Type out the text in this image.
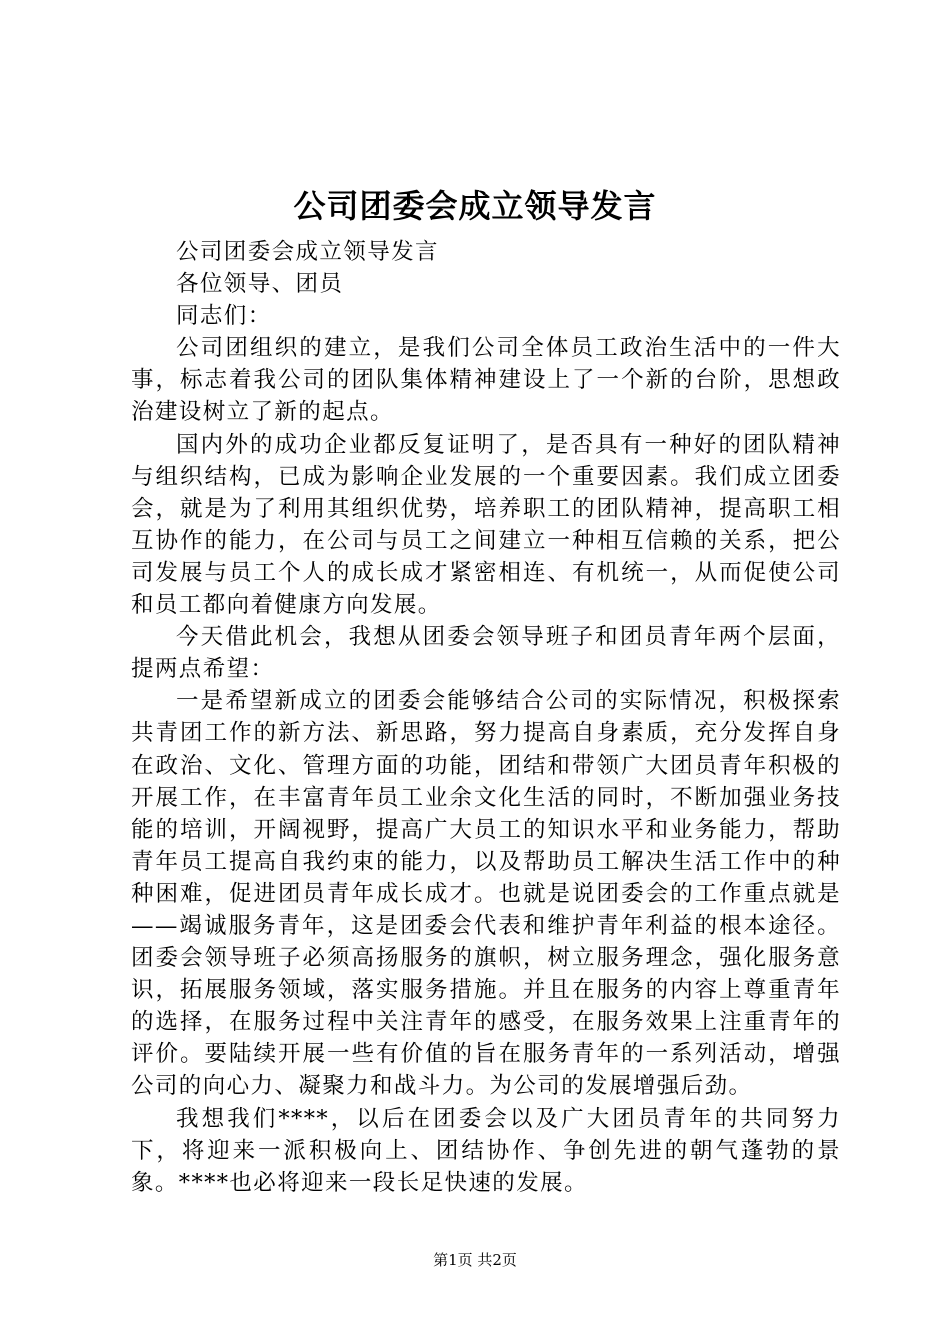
公司团委会成立领导发言

公司团委会成立领导发言

各位领导、团员

同志们：

公司团组织的建立，是我们公司全体员工政治生活中的一件大事，标志着我公司的团队集体精神建设上了一个新的台阶，思想政治建设树立了新的起点。

国内外的成功企业都反复证明了，是否具有一种好的团队精神与组织结构，已成为影响企业发展的一个重要因素。我们成立团委会，就是为了利用其组织优势，培养职工的团队精神，提高职工相互协作的能力，在公司与员工之间建立一种相互信赖的关系，把公司发展与员工个人的成长成才紧密相连、有机统一，从而促使公司和员工都向着健康方向发展。

今天借此机会，我想从团委会领导班子和团员青年两个层面，提两点希望：

一是希望新成立的团委会能够结合公司的实际情况，积极探索共青团工作的新方法、新思路，努力提高自身素质，充分发挥自身在政治、文化、管理方面的功能，团结和带领广大团员青年积极的开展工作，在丰富青年员工业余文化生活的同时，不断加强业务技能的培训，开阔视野，提高广大员工的知识水平和业务能力，帮助青年员工提高自我约束的能力，以及帮助员工解决生活工作中的种种困难，促进团员青年成长成才。也就是说团委会的工作重点就是——竭诚服务青年，这是团委会代表和维护青年利益的根本途径。团委会领导班子必须高扬服务的旗帜，树立服务理念，强化服务意识，拓展服务领域，落实服务措施。并且在服务的内容上尊重青年的选择，在服务过程中关注青年的感受，在服务效果上注重青年的评价。要陆续开展一些有价值的旨在服务青年的一系列活动，增强公司的向心力、凝聚力和战斗力。为公司的发展增强后劲。

我想我们****，以后在团委会以及广大团员青年的共同努力下，将迎来一派积极向上、团结协作、争创先进的朝气蓬勃的景象。****也必将迎来一段长足快速的发展。

第1页 共2页
